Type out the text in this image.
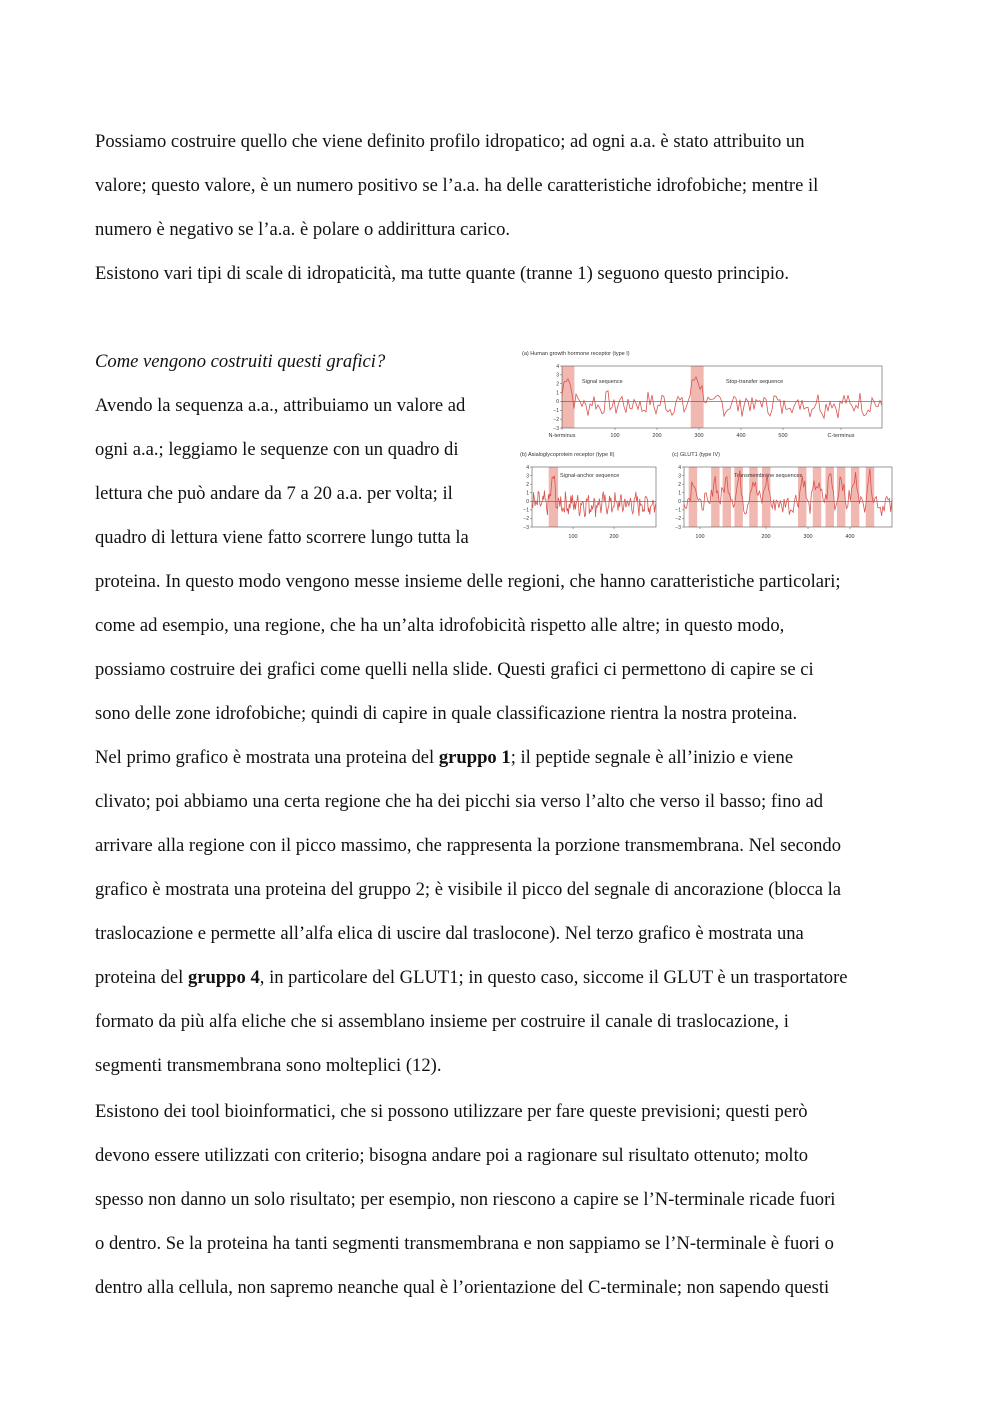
Possiamo costruire quello che viene definito profilo idropatico; ad ogni a.a. è stato attribuito un
valore; questo valore, è un numero positivo se l’a.a. ha delle caratteristiche idrofobiche; mentre il
numero è negativo se l’a.a. è polare o addirittura carico.
Esistono vari tipi di scale di idropaticità, ma tutte quante (tranne 1) seguono questo principio.
Come vengono costruiti questi grafici?
Avendo la sequenza a.a., attribuiamo un valore ad
ogni a.a.; leggiamo le sequenze con un quadro di
lettura che può andare da 7 a 20 a.a. per volta; il
quadro di lettura viene fatto scorrere lungo tutta la
proteina. In questo modo vengono messe insieme delle regioni, che hanno caratteristiche particolari;
come ad esempio, una regione, che ha un’alta idrofobicità rispetto alle altre; in questo modo,
possiamo costruire dei grafici come quelli nella slide. Questi grafici ci permettono di capire se ci
sono delle zone idrofobiche; quindi di capire in quale classificazione rientra la nostra proteina.
Nel primo grafico è mostrata una proteina del gruppo 1; il peptide segnale è all’inizio e viene
clivato; poi abbiamo una certa regione che ha dei picchi sia verso l’alto che verso il basso; fino ad
arrivare alla regione con il picco massimo, che rappresenta la porzione transmembrana. Nel secondo
grafico è mostrata una proteina del gruppo 2; è visibile il picco del segnale di ancorazione (blocca la
traslocazione e permette all’alfa elica di uscire dal traslocone). Nel terzo grafico è mostrata una
proteina del gruppo 4, in particolare del GLUT1; in questo caso, siccome il GLUT è un trasportatore
formato da più alfa eliche che si assemblano insieme per costruire il canale di traslocazione, i
segmenti transmembrana sono molteplici (12).
Esistono dei tool bioinformatici, che si possono utilizzare per fare queste previsioni; questi però
devono essere utilizzati con criterio; bisogna andare poi a ragionare sul risultato ottenuto; molto
spesso non danno un solo risultato; per esempio, non riescono a capire se l’N-terminale ricade fuori
o dentro. Se la proteina ha tanti segmenti transmembrana e non sappiamo se l’N-terminale è fuori o
dentro alla cellula, non sapremo neanche qual è l’orientazione del C-terminale; non sapendo questi
(a) Human growth hormone receptor (type I)
4
3
2
1
0
−1
−2
−3
N-terminus	100	200	300	400	500	C-terminus
Signal sequence	Stop-transfer sequence
(b) Asialoglycoprotein receptor (type II)
4
3
2
1
0
−1
−2
−3
100	200
Signal-anchor sequence
(c) GLUT1 (type IV)
4
3
2
1
0
−1
−2
−3
100	200	300	400
Transmembrane sequences
